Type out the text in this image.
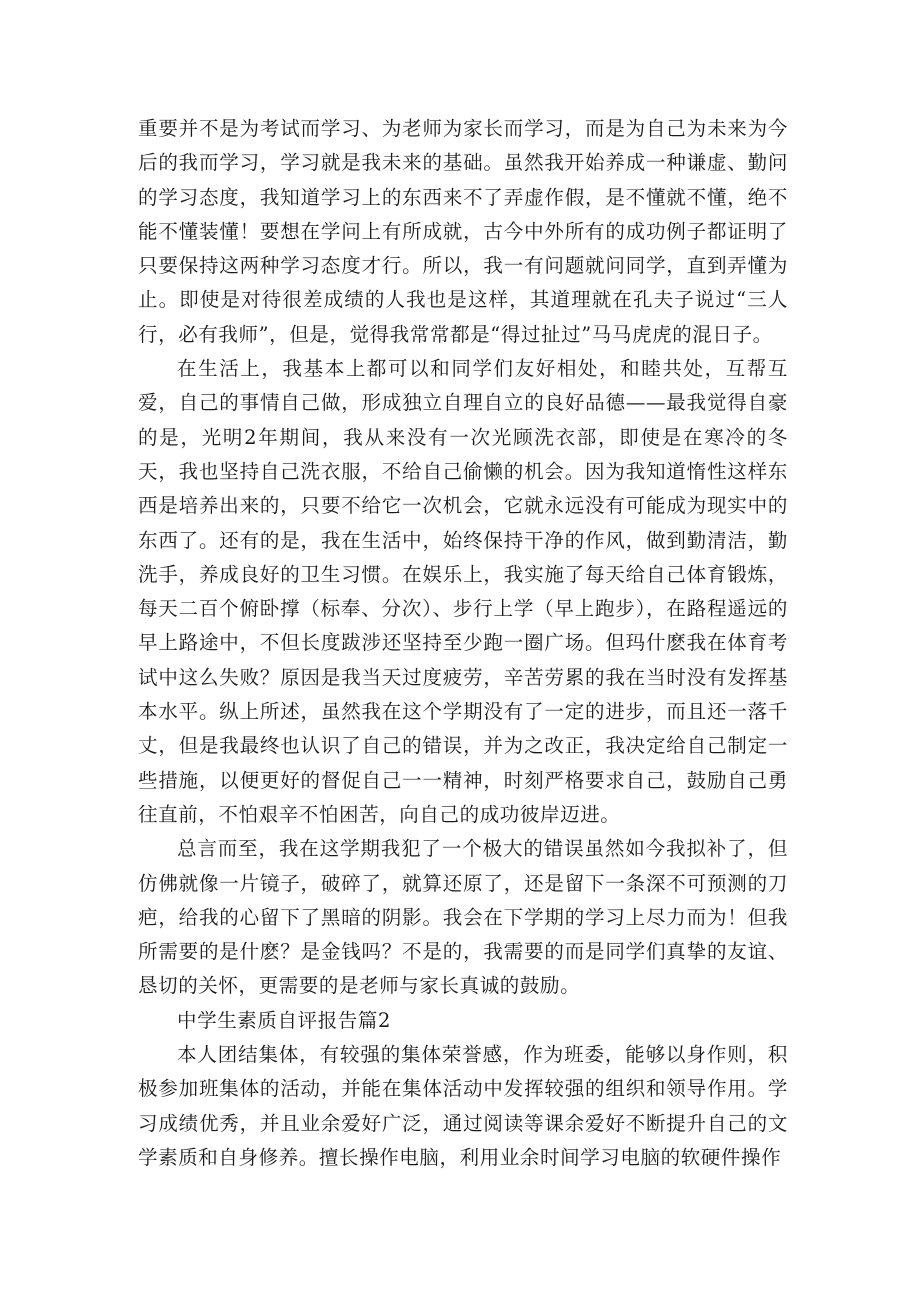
重要并不是为考试而学习、为老师为家长而学习，而是为自己为未来为今后的我而学习，学习就是我未来的基础。虽然我开始养成一种谦虚、勤问的学习态度，我知道学习上的东西来不了弄虚作假，是不懂就不懂，绝不能不懂装懂！要想在学问上有所成就，古今中外所有的成功例子都证明了只要保持这两种学习态度才行。所以，我一有问题就问同学，直到弄懂为止。即使是对待很差成绩的人我也是这样，其道理就在孔夫子说过“三人行，必有我师”，但是，觉得我常常都是“得过扯过”马马虎虎的混日子。

在生活上，我基本上都可以和同学们友好相处，和睦共处，互帮互爱，自己的事情自己做，形成独立自理自立的良好品德——最我觉得自豪的是，光明2年期间，我从来没有一次光顾洗衣部，即使是在寒冷的冬天，我也坚持自己洗衣服，不给自己偷懒的机会。因为我知道惰性这样东西是培养出来的，只要不给它一次机会，它就永远没有可能成为现实中的东西了。还有的是，我在生活中，始终保持干净的作风，做到勤清洁，勤洗手，养成良好的卫生习惯。在娱乐上，我实施了每天给自己体育锻炼，每天二百个俯卧撑（标奉、分次）、步行上学（早上跑步），在路程遥远的早上路途中，不但长度跋涉还坚持至少跑一圈广场。但玛什麽我在体育考试中这么失败？原因是我当天过度疲劳，辛苦劳累的我在当时没有发挥基本水平。纵上所述，虽然我在这个学期没有了一定的进步，而且还一落千丈，但是我最终也认识了自己的错误，并为之改正，我决定给自己制定一些措施，以便更好的督促自己一一精神，时刻严格要求自己，鼓励自己勇往直前，不怕艰辛不怕困苦，向自己的成功彼岸迈进。

总言而至，我在这学期我犯了一个极大的错误虽然如今我拟补了，但仿佛就像一片镜子，破碎了，就算还原了，还是留下一条深不可预测的刀疤，给我的心留下了黑暗的阴影。我会在下学期的学习上尽力而为！但我所需要的是什麽？是金钱吗？不是的，我需要的而是同学们真挚的友谊、恳切的关怀，更需要的是老师与家长真诚的鼓励。

中学生素质自评报告篇2

本人团结集体，有较强的集体荣誉感，作为班委，能够以身作则，积极参加班集体的活动，并能在集体活动中发挥较强的组织和领导作用。学习成绩优秀，并且业余爱好广泛，通过阅读等课余爱好不断提升自己的文学素质和自身修养。擅长操作电脑，利用业余时间学习电脑的软硬件操作
